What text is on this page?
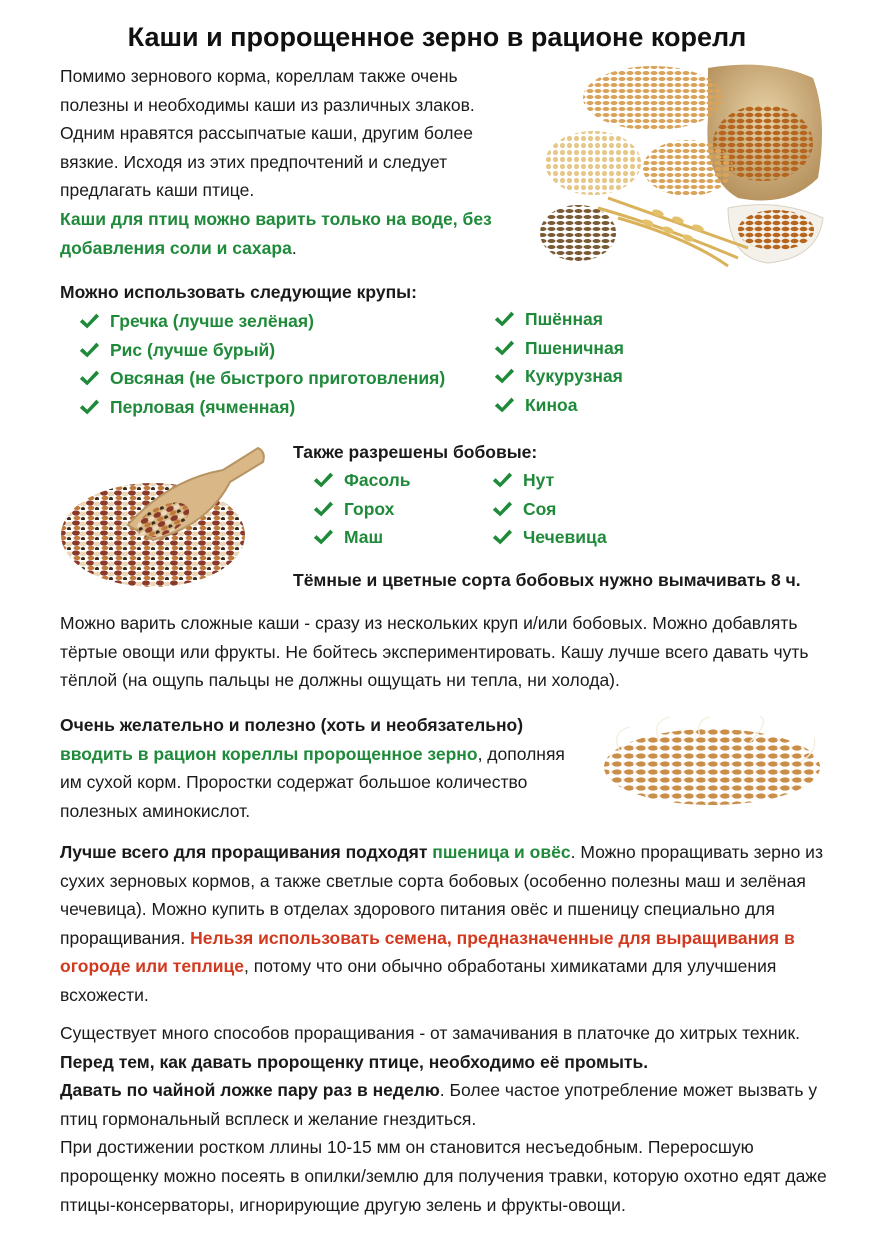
Каши и пророщенное зерно в рационе корелл
Помимо зернового корма, кореллам также очень полезны и необходимы каши из различных злаков. Одним нравятся рассыпчатые каши, другим более вязкие. Исходя из этих предпочтений и следует предлагать каши птице.
Каши для птиц можно варить только на воде, без добавления соли и сахара.
Можно использовать следующие крупы:
Гречка (лучше зелёная)
Рис (лучше бурый)
Овсяная (не быстрого приготовления)
Перловая (ячменная)
Пшённая
Пшеничная
Кукурузная
Киноа
Также разрешены бобовые:
Фасоль
Горох
Маш
Нут
Соя
Чечевица
Тёмные и цветные сорта бобовых нужно вымачивать 8 ч.
Можно варить сложные каши - сразу из нескольких круп и/или бобовых. Можно добавлять тёртые овощи или фрукты. Не бойтесь экспериментировать. Кашу лучше всего давать чуть тёплой (на ощупь пальцы не должны ощущать ни тепла, ни холода).
Очень желательно и полезно (хоть и необязательно)
вводить в рацион кореллы пророщенное зерно, дополняя им сухой корм. Проростки содержат большое количество полезных аминокислот.
Лучше всего для проращивания подходят пшеница и овёс. Можно проращивать зерно из сухих зерновых кормов, а также светлые сорта бобовых (особенно полезны маш и зелёная чечевица). Можно купить в отделах здорового питания овёс и пшеницу специально для проращивания. Нельзя использовать семена, предназначенные для выращивания в огороде или теплице, потому что они обычно обработаны химикатами для улучшения всхожести.
Существует много способов проращивания - от замачивания в платочке до хитрых техник. Перед тем, как давать пророщенку птице, необходимо её промыть.
Давать по чайной ложке пару раз в неделю. Более частое употребление может вызвать у птиц гормональный всплеск и желание гнездиться.
При достижении ростком ллины 10-15 мм он становится несъедобным. Переросшую пророщенку можно посеять в опилки/землю для получения травки, которую охотно едят даже птицы-консерваторы, игнорирующие другую зелень и фрукты-овощи.
